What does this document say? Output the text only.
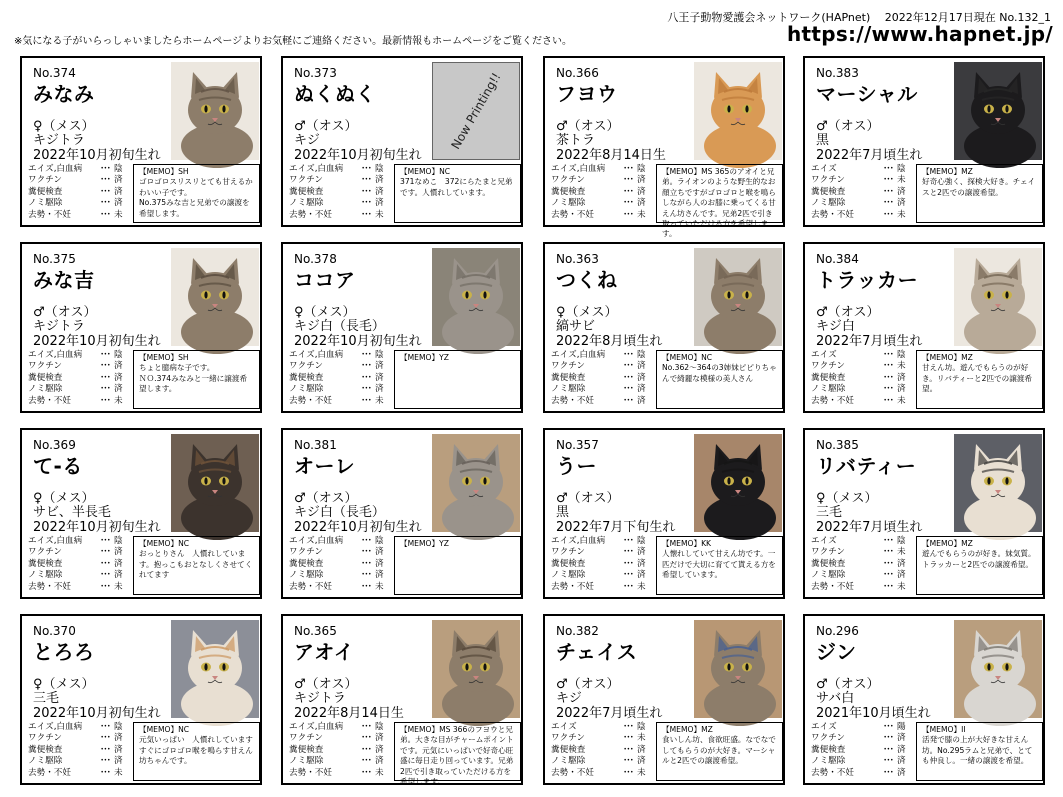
八王子動物愛護会ネットワーク(HAPnet)　 2022年12月17日現在 No.132_1
※気になる子がいらっしゃいましたらホームページよりお気軽にご連絡ください。最新情報もホームページをご覧ください。	https://www.hapnet.jp/
No.374
みなみ
♀（メス）
キジトラ
2022年10月初旬生れ
エイズ,白血病	･･･ 陰
ワクチン	･･･ 済
糞便検査	･･･ 済
ノミ駆除	･･･ 済
去勢・不妊	･･･ 未
【MEMO】SH
ゴロゴロスリスリとても甘えるかわいい子です。
No.375みな吉と兄弟での譲渡を希望します。
No.373
ぬくぬく
♂（オス）
キジ
2022年10月初旬生れ
Now Printing!!
エイズ,白血病	･･･ 陰
ワクチン	･･･ 済
糞便検査	･･･ 済
ノミ駆除	･･･ 済
去勢・不妊	･･･ 未
【MEMO】NC
371なめこ　372にらたまと兄弟です。人慣れしています。
No.366
フヨウ
♂（オス）
茶トラ
2022年8月14日生
エイズ,白血病	･･･ 陰
ワクチン	･･･ 済
糞便検査	･･･ 済
ノミ駆除	･･･ 済
去勢・不妊	･･･ 未
【MEMO】MS 365のアオイと兄弟。ライオンのような野生的なお顔立ちですがゴロゴロと喉を鳴らしながら人のお膝に乗ってくる甘えん坊さんです。兄弟2匹で引き取っていただける方を希望します。
No.383
マーシャル
♂（オス）
黒
2022年7月頃生れ
エイズ	･･･ 陰
ワクチン	･･･ 未
糞便検査	･･･ 済
ノミ駆除	･･･ 済
去勢・不妊	･･･ 未
【MEMO】MZ
好奇心強く、探検大好き。チェイスと2匹での譲渡希望。
No.375
みな吉
♂（オス）
キジトラ
2022年10月初旬生れ
エイズ,白血病	･･･ 陰
ワクチン	･･･ 済
糞便検査	･･･ 済
ノミ駆除	･･･ 済
去勢・不妊	･･･ 未
【MEMO】SH
ちょと臆病な子です。
ＮＯ.374みなみと一緒に譲渡希望します。
No.378
ココア
♀（メス）
キジ白（長毛）
2022年10月初旬生れ
エイズ,白血病	･･･ 陰
ワクチン	･･･ 済
糞便検査	･･･ 済
ノミ駆除	･･･ 済
去勢・不妊	･･･ 未
【MEMO】YZ
No.363
つくね
♀（メス）
縞サビ
2022年8月頃生れ
エイズ,白血病	･･･ 陰
ワクチン	･･･ 済
糞便検査	･･･ 済
ノミ駆除	･･･ 済
去勢・不妊	･･･ 済
【MEMO】NC
No.362～364の3姉妹ピピりちゃんで綺麗な模様の美人さん
No.384
トラッカー
♂（オス）
キジ白
2022年7月頃生れ
エイズ	･･･ 陰
ワクチン	･･･ 未
糞便検査	･･･ 済
ノミ駆除	･･･ 済
去勢・不妊	･･･ 未
【MEMO】MZ
甘えん坊。遊んでもらうのが好き。リバティーと2匹での譲渡希望。
No.369
て-る
♀（メス）
サビ、半長毛
2022年10月初旬生れ
エイズ,白血病	･･･ 陰
ワクチン	･･･ 済
糞便検査	･･･ 済
ノミ駆除	･･･ 済
去勢・不妊	･･･ 未
【MEMO】NC
おっとりさん　人慣れしています。抱っこもおとなしくさせてくれてます
No.381
オーレ
♂（オス）
キジ白（長毛）
2022年10月初旬生れ
エイズ,白血病	･･･ 陰
ワクチン	･･･ 済
糞便検査	･･･ 済
ノミ駆除	･･･ 済
去勢・不妊	･･･ 未
【MEMO】YZ
No.357
うー
♂（オス）
黒
2022年7月下旬生れ
エイズ,白血病	･･･ 陰
ワクチン	･･･ 済
糞便検査	･･･ 済
ノミ駆除	･･･ 済
去勢・不妊	･･･ 未
【MEMO】KK
人懐れしていて甘えん坊です。一匹だけで大切に育てて貰える方を希望しています。
No.385
リバティー
♀（メス）
三毛
2022年7月頃生れ
エイズ	･･･ 陰
ワクチン	･･･ 未
糞便検査	･･･ 済
ノミ駆除	･･･ 済
去勢・不妊	･･･ 未
【MEMO】MZ
遊んでもらうのが好き。妹気質。トラッカーと2匹での譲渡希望。
No.370
とろろ
♀（メス）
三毛
2022年10月初旬生れ
エイズ,白血病	･･･ 陰
ワクチン	･･･ 済
糞便検査	･･･ 済
ノミ駆除	･･･ 済
去勢・不妊	･･･ 未
【MEMO】NC
元気いっぱい　人慣れしています　すぐにゴロゴロ喉を鳴らす甘えん坊ちゃんです。
No.365
アオイ
♂（オス）
キジトラ
2022年8月14日生
エイズ,白血病	･･･ 陰
ワクチン	･･･ 済
糞便検査	･･･ 済
ノミ駆除	･･･ 済
去勢・不妊	･･･ 未
【MEMO】MS 366のフヨウと兄弟。大きな目がチャームポイントです。元気にいっぱいで好奇心旺盛に毎日走り回っています。兄弟2匹で引き取っていただける方を希望します。
No.382
チェイス
♂（オス）
キジ
2022年7月頃生れ
エイズ	･･･ 陰
ワクチン	･･･ 未
糞便検査	･･･ 済
ノミ駆除	･･･ 済
去勢・不妊	･･･ 未
【MEMO】MZ
食いしん坊、食欲旺盛。なでなでしてもらうのが大好き。マーシャルと2匹での譲渡希望。
No.296
ジン
♂（オス）
サバ白
2021年10月頃生れ
エイズ	･･･ 陽
ワクチン	･･･ 済
糞便検査	･･･ 済
ノミ駆除	･･･ 済
去勢・不妊	･･･ 済
【MEMO】II
活発で膝の上が大好きな甘えん坊。No.295ラムと兄弟で、とても仲良し。一緒の譲渡を希望。
